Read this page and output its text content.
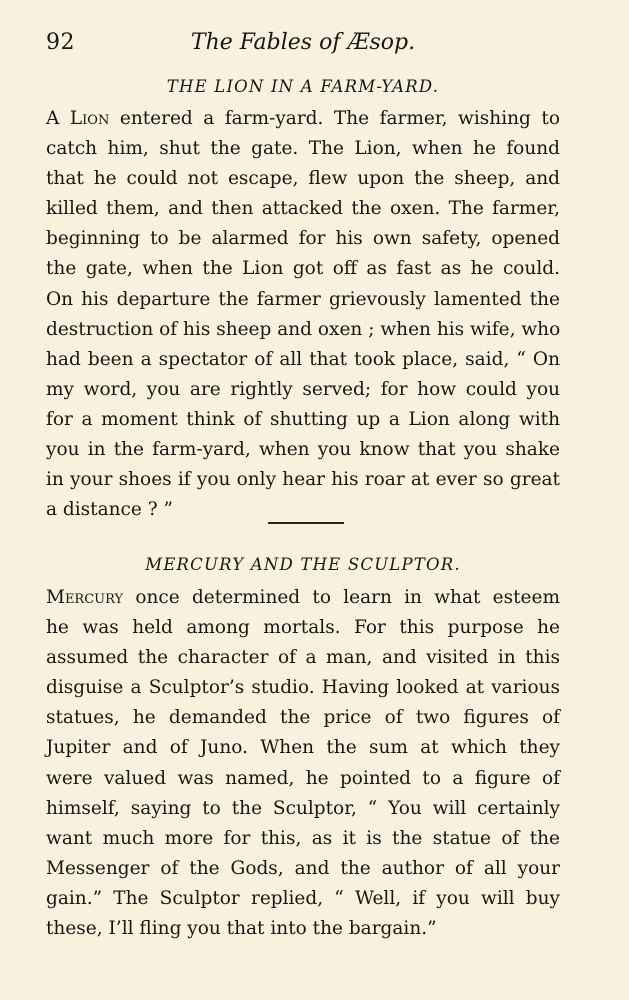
92	The Fables of Æsop.
THE LION IN A FARM-YARD.
A Lion entered a farm-yard. The farmer, wishing to
catch him, shut the gate. The Lion, when he found
that he could not escape, flew upon the sheep, and
killed them, and then attacked the oxen. The farmer,
beginning to be alarmed for his own safety, opened
the gate, when the Lion got off as fast as he could.
On his departure the farmer grievously lamented the
destruction of his sheep and oxen ; when his wife, who
had been a spectator of all that took place, said, “ On
my word, you are rightly served; for how could you
for a moment think of shutting up a Lion along with
you in the farm-yard, when you know that you shake
in your shoes if you only hear his roar at ever so great
a distance ? ”
MERCURY AND THE SCULPTOR.
Mercury once determined to learn in what esteem
he was held among mortals. For this purpose he
assumed the character of a man, and visited in this
disguise a Sculptor’s studio. Having looked at various
statues, he demanded the price of two figures of
Jupiter and of Juno. When the sum at which they
were valued was named, he pointed to a figure of
himself, saying to the Sculptor, “ You will certainly
want much more for this, as it is the statue of the
Messenger of the Gods, and the author of all your
gain.” The Sculptor replied, “ Well, if you will buy
these, I’ll fling you that into the bargain.”
